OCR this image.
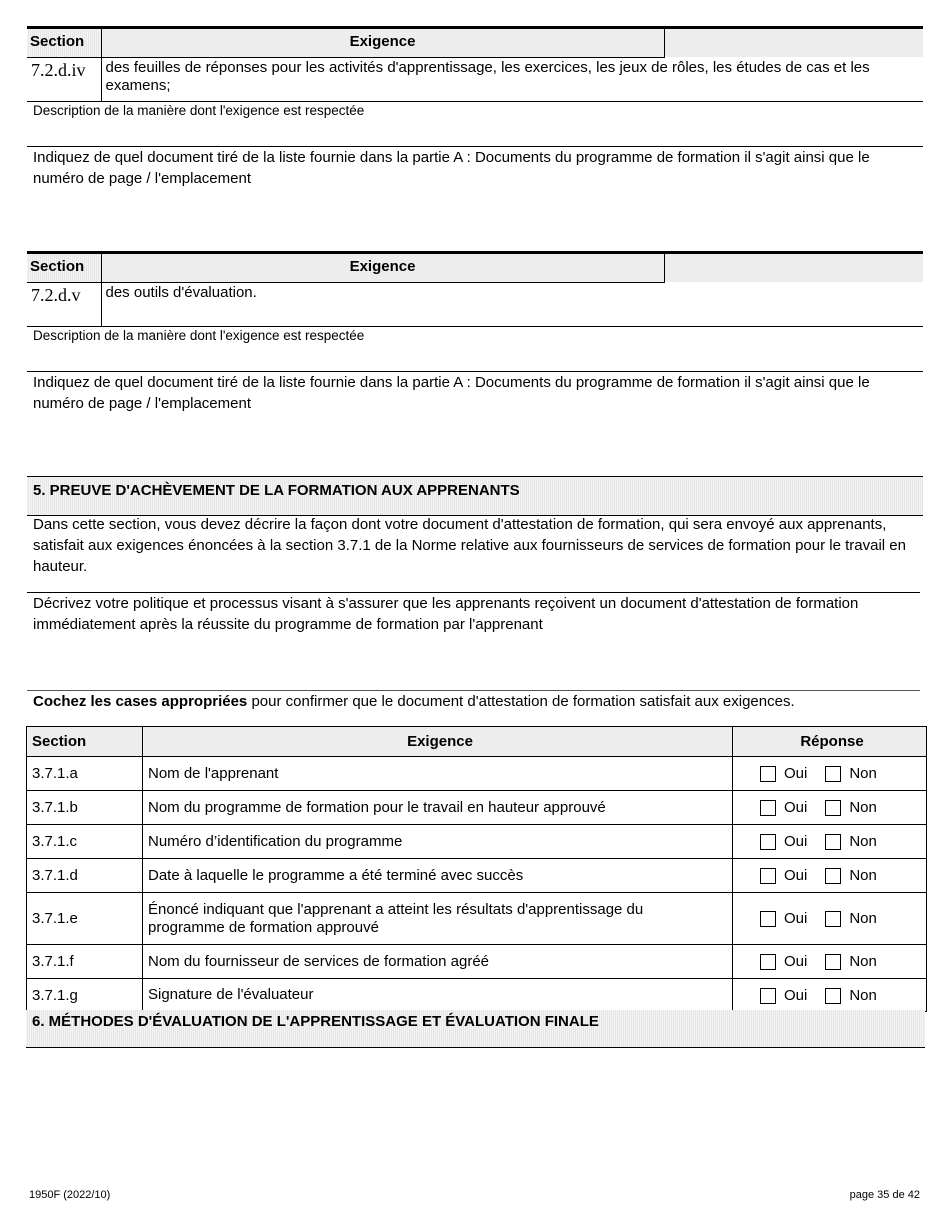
Section	Exigence	

7.2.d.iv	des feuilles de réponses pour les activités d'apprentissage, les exercices, les jeux de rôles, les études de cas et les examens;	
Description de la manière dont l'exigence est respectée
Indiquez de quel document tiré de la liste fournie dans la partie A : Documents du programme de formation il s'agit ainsi que le numéro de page / l'emplacement
Section	Exigence	

7.2.d.v	des outils d'évaluation.	
Description de la manière dont l'exigence est respectée
Indiquez de quel document tiré de la liste fournie dans la partie A : Documents du programme de formation il s'agit ainsi que le numéro de page / l'emplacement
5. PREUVE D'ACHÈVEMENT DE LA FORMATION AUX APPRENANTS
Dans cette section, vous devez décrire la façon dont votre document d'attestation de formation, qui sera envoyé aux apprenants, satisfait aux exigences énoncées à la section 3.7.1 de la Norme relative aux fournisseurs de services de formation pour le travail en hauteur.
Décrivez votre politique et processus visant à s'assurer que les apprenants reçoivent un document d'attestation de formation immédiatement après la réussite du programme de formation par l'apprenant
Cochez les cases appropriées pour confirmer que le document d'attestation de formation satisfait aux exigences.
Section	Exigence	Réponse
3.7.1.a	Nom de l'apprenant	Oui Non
3.7.1.b	Nom du programme de formation pour le travail en hauteur approuvé	Oui Non
3.7.1.c	Numéro d’identification du programme	Oui Non
3.7.1.d	Date à laquelle le programme a été terminé avec succès	Oui Non
3.7.1.e	Énoncé indiquant que l'apprenant a atteint les résultats d'apprentissage du programme de formation approuvé	Oui Non
3.7.1.f	Nom du fournisseur de services de formation agréé	Oui Non
3.7.1.g	Signature de l'évaluateur	Oui Non
6. MÉTHODES D'ÉVALUATION DE L'APPRENTISSAGE ET ÉVALUATION FINALE
1950F (2022/10)	page 35 de 42
